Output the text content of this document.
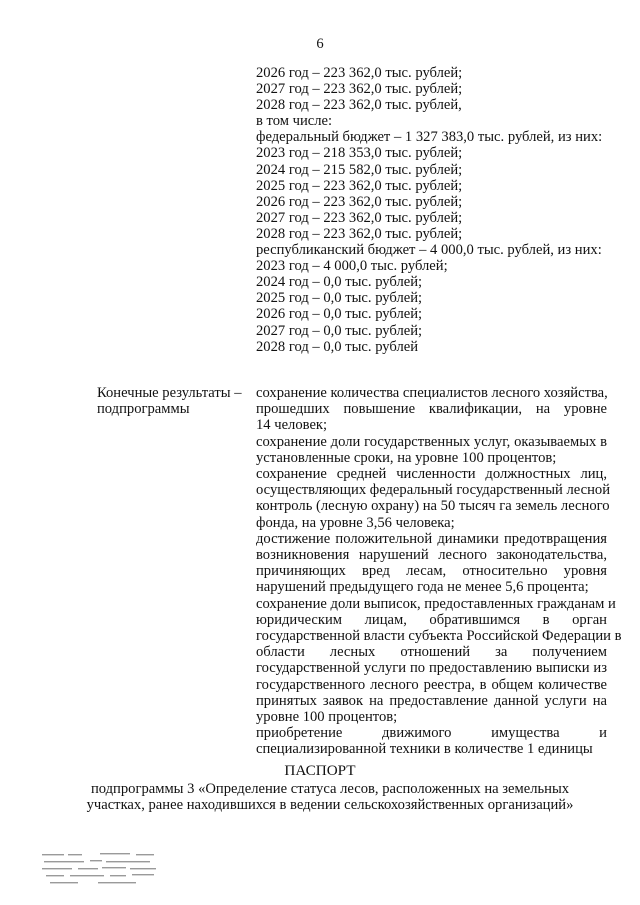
6
2026 год – 223 362,0 тыс. рублей;
2027 год – 223 362,0 тыс. рублей;
2028 год – 223 362,0 тыс. рублей,
в том числе:
федеральный бюджет – 1 327 383,0 тыс. рублей, из них:
2023 год – 218 353,0 тыс. рублей;
2024 год – 215 582,0 тыс. рублей;
2025 год – 223 362,0 тыс. рублей;
2026 год – 223 362,0 тыс. рублей;
2027 год – 223 362,0 тыс. рублей;
2028 год – 223 362,0 тыс. рублей;
республиканский бюджет – 4 000,0 тыс. рублей, из них:
2023 год – 4 000,0 тыс. рублей;
2024 год – 0,0 тыс. рублей;
2025 год – 0,0 тыс. рублей;
2026 год – 0,0 тыс. рублей;
2027 год – 0,0 тыс. рублей;
2028 год – 0,0 тыс. рублей
Конечные результаты –
подпрограммы
сохранение количества специалистов лесного хозяйства,
прошедших повышение квалификации, на уровне
14 человек;
сохранение доли государственных услуг, оказываемых в
установленные сроки, на уровне 100 процентов;
сохранение средней численности должностных лиц,
осуществляющих федеральный государственный лесной
контроль (лесную охрану) на 50 тысяч га земель лесного
фонда, на уровне 3,56 человека;
достижение положительной динамики предотвращения
возникновения нарушений лесного законодательства,
причиняющих вред лесам, относительно уровня
нарушений предыдущего года не менее 5,6 процента;
сохранение доли выписок, предоставленных гражданам и
юридическим лицам, обратившимся в орган
государственной власти субъекта Российской Федерации в
области лесных отношений за получением
государственной услуги по предоставлению выписки из
государственного лесного реестра, в общем количестве
принятых заявок на предоставление данной услуги на
уровне 100 процентов;
приобретение движимого имущества и
специализированной техники в количестве 1 единицы
ПАСПОРТ
подпрограммы 3 «Определение статуса лесов, расположенных на земельных
участках, ранее находившихся в ведении сельскохозяйственных организаций»
